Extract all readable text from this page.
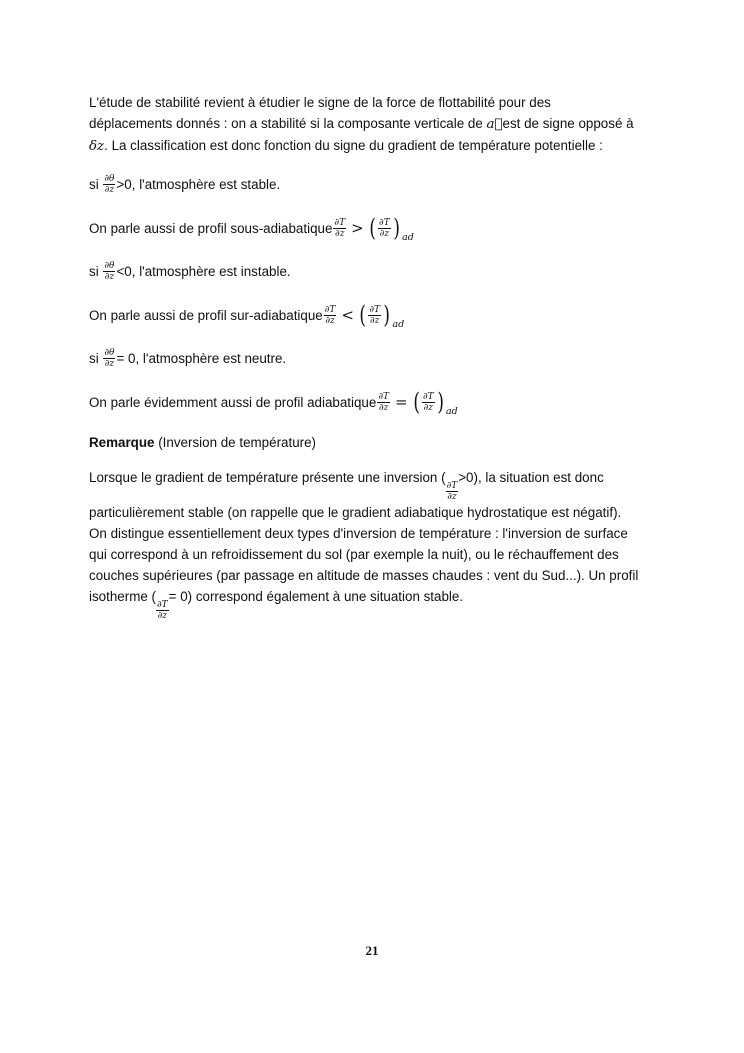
L'étude de stabilité revient à étudier le signe de la force de flottabilité pour des
déplacements donnés : on a stabilité si la composante verticale de a⃗est de signe opposé à
δz. La classification est donc fonction du signe du gradient de température potentielle :

si
$\frac{\partial\theta}{\partial z} >0$, l'atmosphère est stable.

On parle aussi de profil sous-adiabatique $\frac{\partial T}{\partial z}$ > ( $\frac{\partial T}{\partial z}$ ) ad

si
$\frac{\partial\theta}{\partial z} <0$, l'atmosphère est instable.

On parle aussi de profil sur-adiabatique $\frac{\partial T}{\partial z}$ < ( $\frac{\partial T}{\partial z}$ ) ad

si
$\frac{\partial\theta}{\partial z} = 0$, l'atmosphère est neutre.

On parle évidemment aussi de profil adiabatique $\frac{\partial T}{\partial z}$ = ( $\frac{\partial T}{\partial z}$ ) ad

Remarque (Inversion de température)

Lorsque le gradient de température présente une inversion (
$\frac{\partial T}{\partial z}$
>0), la situation est donc
particulièrement stable (on rappelle que le gradient adiabatique hydrostatique est négatif).
On distingue essentiellement deux types d'inversion de température : l'inversion de surface
qui correspond à un refroidissement du sol (par exemple la nuit), ou le réchauffement des
couches supérieures (par passage en altitude de masses chaudes : vent du Sud...). Un profil
isotherme (
$\frac{\partial T}{\partial z}$
= 0) correspond également à une situation stable.

21
